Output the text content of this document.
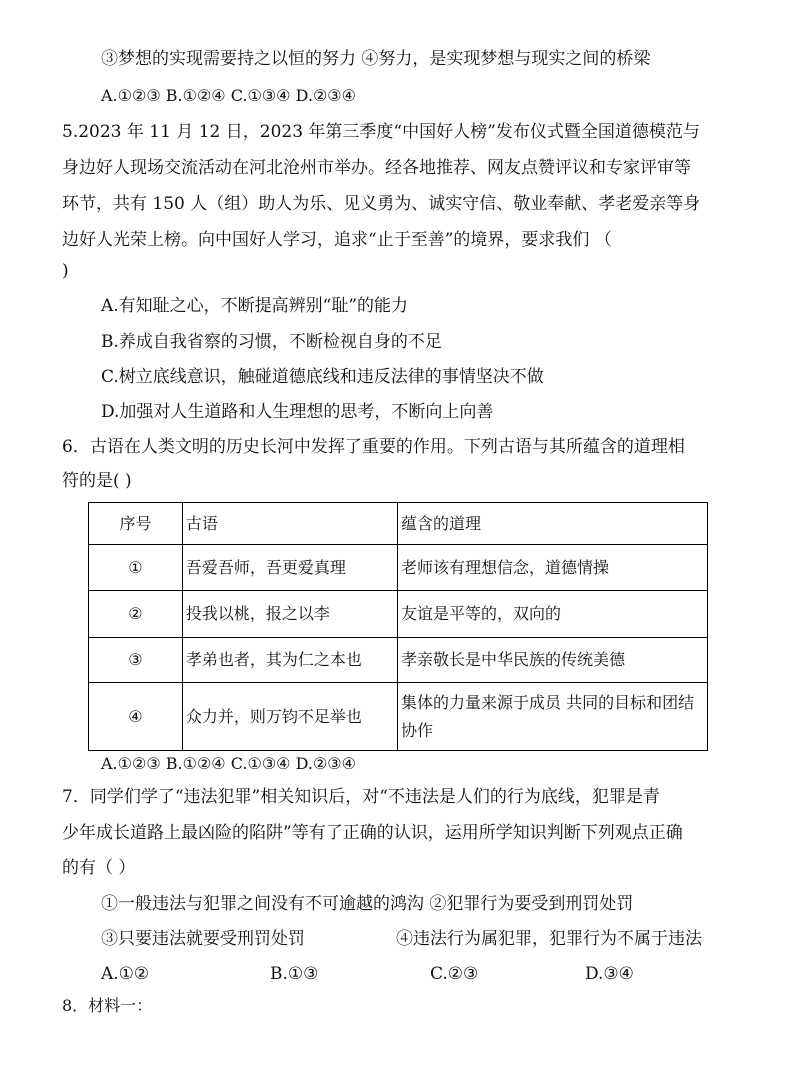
③梦想的实现需要持之以恒的努力 ④努力，是实现梦想与现实之间的桥梁
A.①②③ B.①②④ C.①③④ D.②③④
5.2023 年 11 月 12 日，2023 年第三季度“中国好人榜”发布仪式暨全国道德模范与
身边好人现场交流活动在河北沧州市举办。经各地推荐、网友点赞评议和专家评审等
环节，共有 150 人（组）助人为乐、见义勇为、诚实守信、敬业奉献、孝老爱亲等身
边好人光荣上榜。向中国好人学习，追求“止于至善”的境界，要求我们 （
)
A.有知耻之心，不断提高辨别“耻”的能力
B.养成自我省察的习惯，不断检视自身的不足
C.树立底线意识，触碰道德底线和违反法律的事情坚决不做
D.加强对人生道路和人生理想的思考，不断向上向善
6．古语在人类文明的历史长河中发挥了重要的作用。下列古语与其所蕴含的道理相
符的是( )
序号	古语	蕴含的道理
①	吾爱吾师，吾更爱真理	老师该有理想信念，道德情操
②	投我以桃，报之以李	友谊是平等的，双向的
③	孝弟也者，其为仁之本也	孝亲敬长是中华民族的传统美德
④	众力并，则万钧不足举也	集体的力量来源于成员 共同的目标和团结协作
A.①②③ B.①②④ C.①③④ D.②③④
7．同学们学了“违法犯罪”相关知识后，对“不违法是人们的行为底线，犯罪是青
少年成长道路上最凶险的陷阱”等有了正确的认识，运用所学知识判断下列观点正确
的有（ ）
①一般违法与犯罪之间没有不可逾越的鸿沟 ②犯罪行为要受到刑罚处罚
③只要违法就要受刑罚处罚	④违法行为属犯罪，犯罪行为不属于违法
A.①②	B.①③	C.②③	D.③④
8．材料一：
